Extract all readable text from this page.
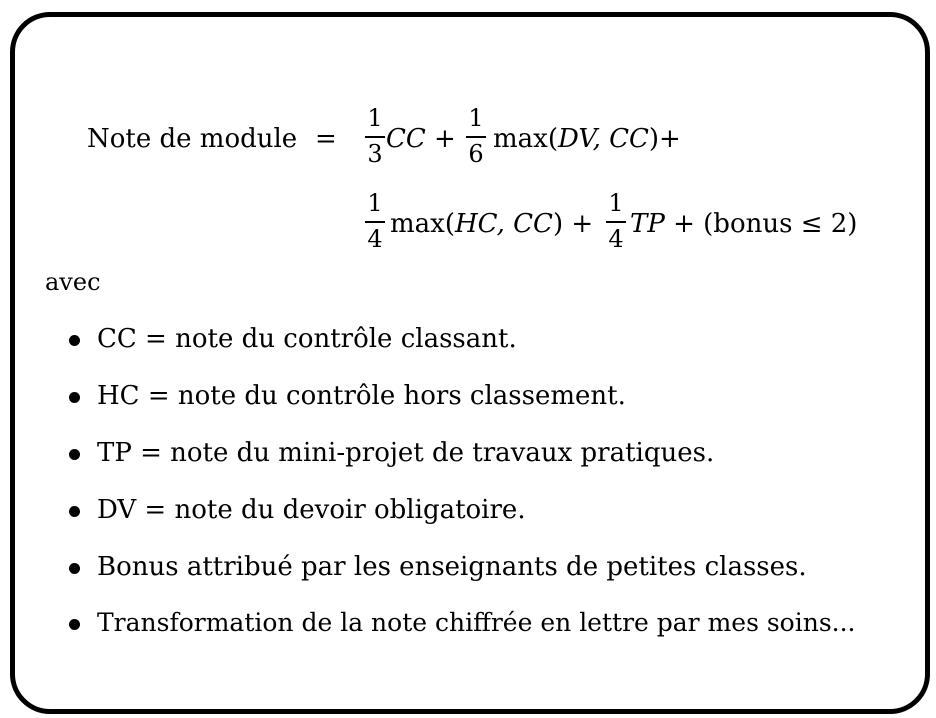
Note de module =
1
3 CC +
1
6 max(DV, CC)+
1
4 max(HC, CC) +
1
4 TP + (bonus ≤ 2)
avec
CC = note du contrôle classant.
HC = note du contrôle hors classement.
TP = note du mini-projet de travaux pratiques.
DV = note du devoir obligatoire.
Bonus attribué par les enseignants de petites classes.
Transformation de la note chiffrée en lettre par mes soins...
